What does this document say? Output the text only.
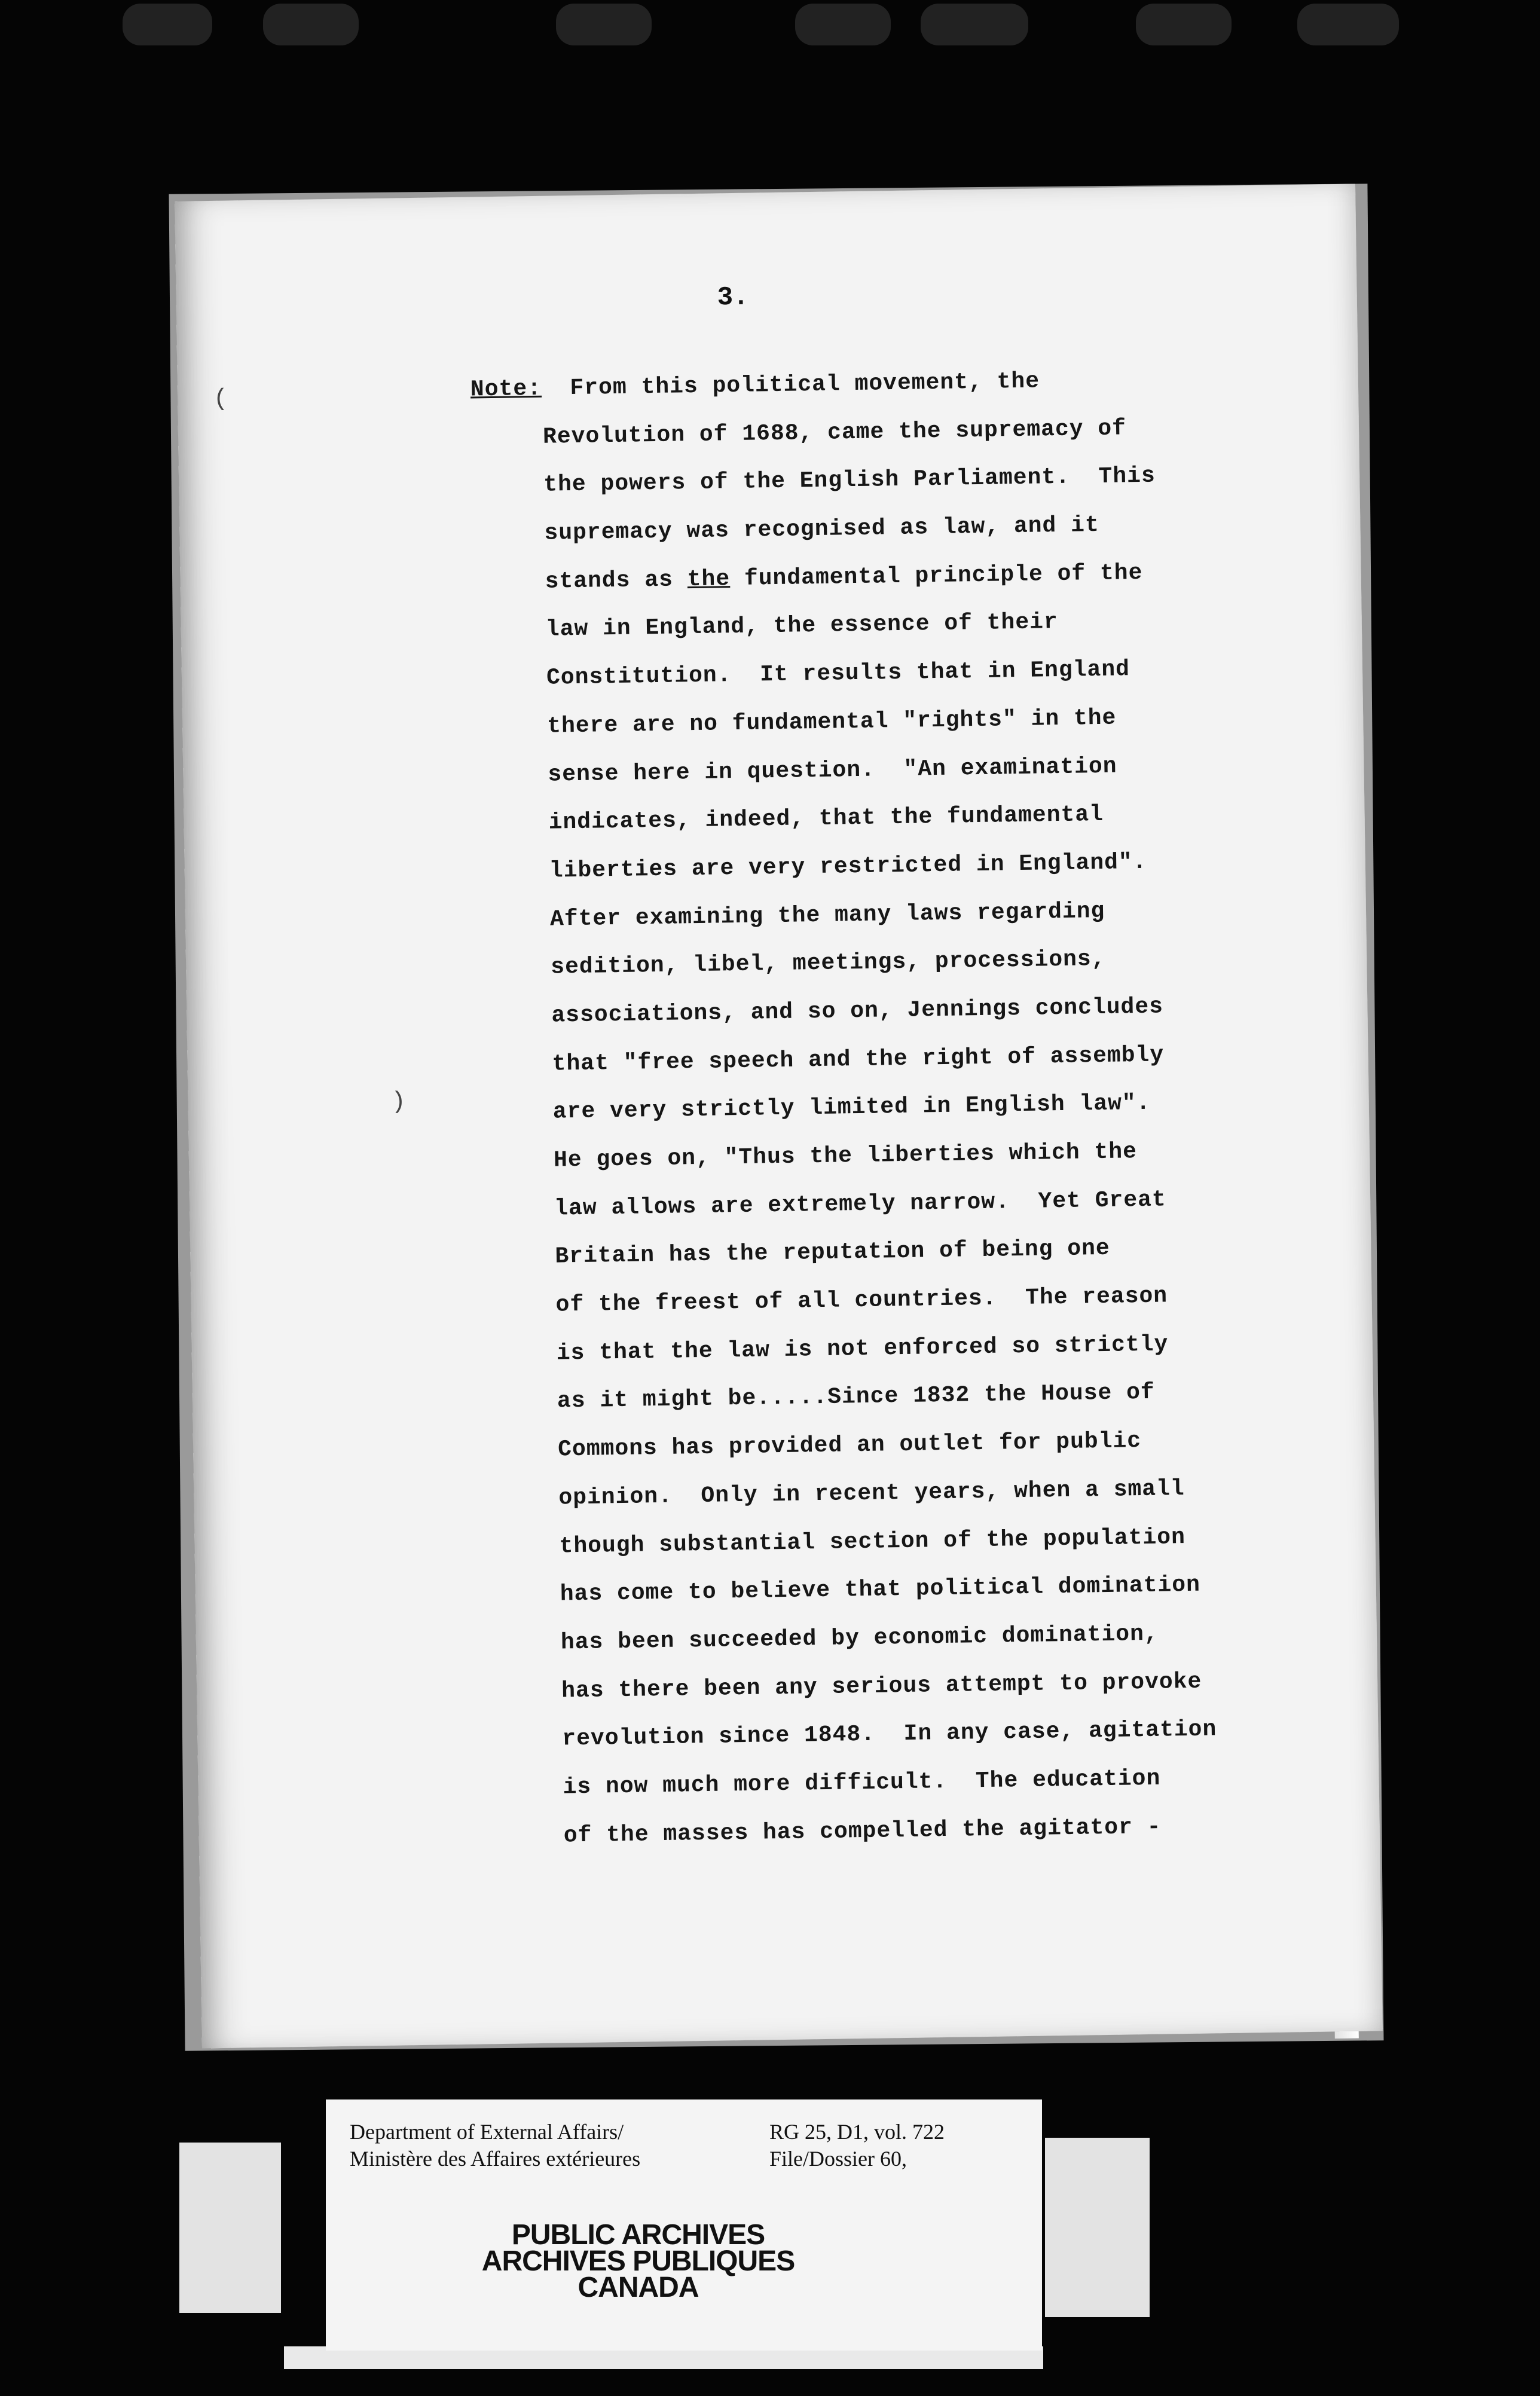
3.
Note: From this political movement, the
Revolution of 1688, came the supremacy of
the powers of the English Parliament.  This
supremacy was recognised as law, and it
stands as the fundamental principle of the
law in England, the essence of their
Constitution.  It results that in England
there are no fundamental "rights" in the
sense here in question.  "An examination
indicates, indeed, that the fundamental
liberties are very restricted in England".
After examining the many laws regarding
sedition, libel, meetings, processions,
associations, and so on, Jennings concludes
that "free speech and the right of assembly
are very strictly limited in English law".
He goes on, "Thus the liberties which the
law allows are extremely narrow.  Yet Great
Britain has the reputation of being one
of the freest of all countries.  The reason
is that the law is not enforced so strictly
as it might be.....Since 1832 the House of
Commons has provided an outlet for public
opinion.  Only in recent years, when a small
though substantial section of the population
has come to believe that political domination
has been succeeded by economic domination,
has there been any serious attempt to provoke
revolution since 1848.  In any case, agitation
is now much more difficult.  The education
of the masses has compelled the agitator -
(
)
Department of External Affairs/
Ministère des Affaires extérieures
RG 25, D1, vol. 722
File/Dossier 60,
PUBLIC ARCHIVES
ARCHIVES PUBLIQUES
CANADA
